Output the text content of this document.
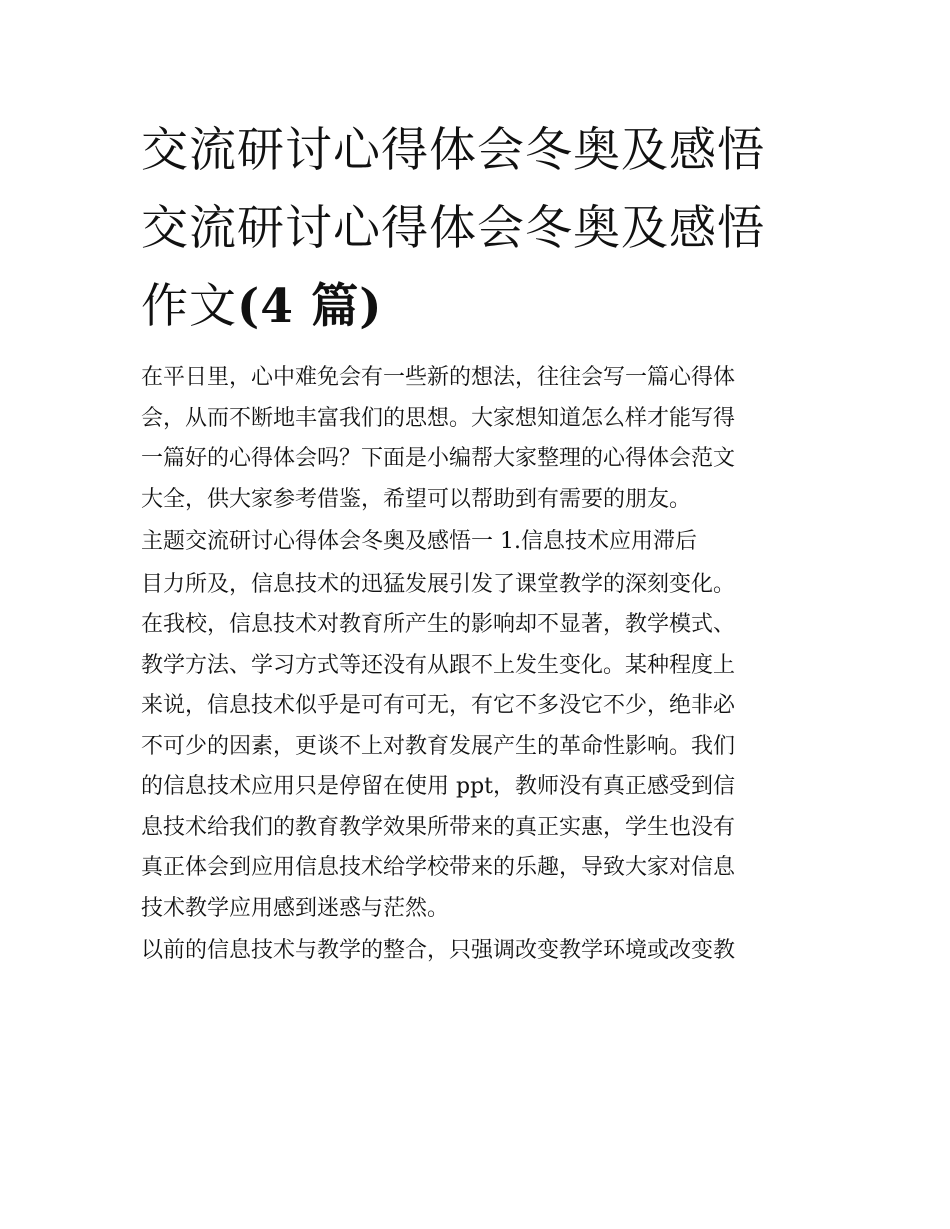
交流研讨心得体会冬奥及感悟
交流研讨心得体会冬奥及感悟
作文(4 篇)
在平日里，心中难免会有一些新的想法，往往会写一篇心得体
会，从而不断地丰富我们的思想。大家想知道怎么样才能写得
一篇好的心得体会吗？下面是小编帮大家整理的心得体会范文
大全，供大家参考借鉴，希望可以帮助到有需要的朋友。
主题交流研讨心得体会冬奥及感悟一 1.信息技术应用滞后
目力所及，信息技术的迅猛发展引发了课堂教学的深刻变化。
在我校，信息技术对教育所产生的影响却不显著，教学模式、
教学方法、学习方式等还没有从跟不上发生变化。某种程度上
来说，信息技术似乎是可有可无，有它不多没它不少，绝非必
不可少的因素，更谈不上对教育发展产生的革命性影响。我们
的信息技术应用只是停留在使用 ppt，教师没有真正感受到信
息技术给我们的教育教学效果所带来的真正实惠，学生也没有
真正体会到应用信息技术给学校带来的乐趣，导致大家对信息
技术教学应用感到迷惑与茫然。
以前的信息技术与教学的整合，只强调改变教学环境或改变教
